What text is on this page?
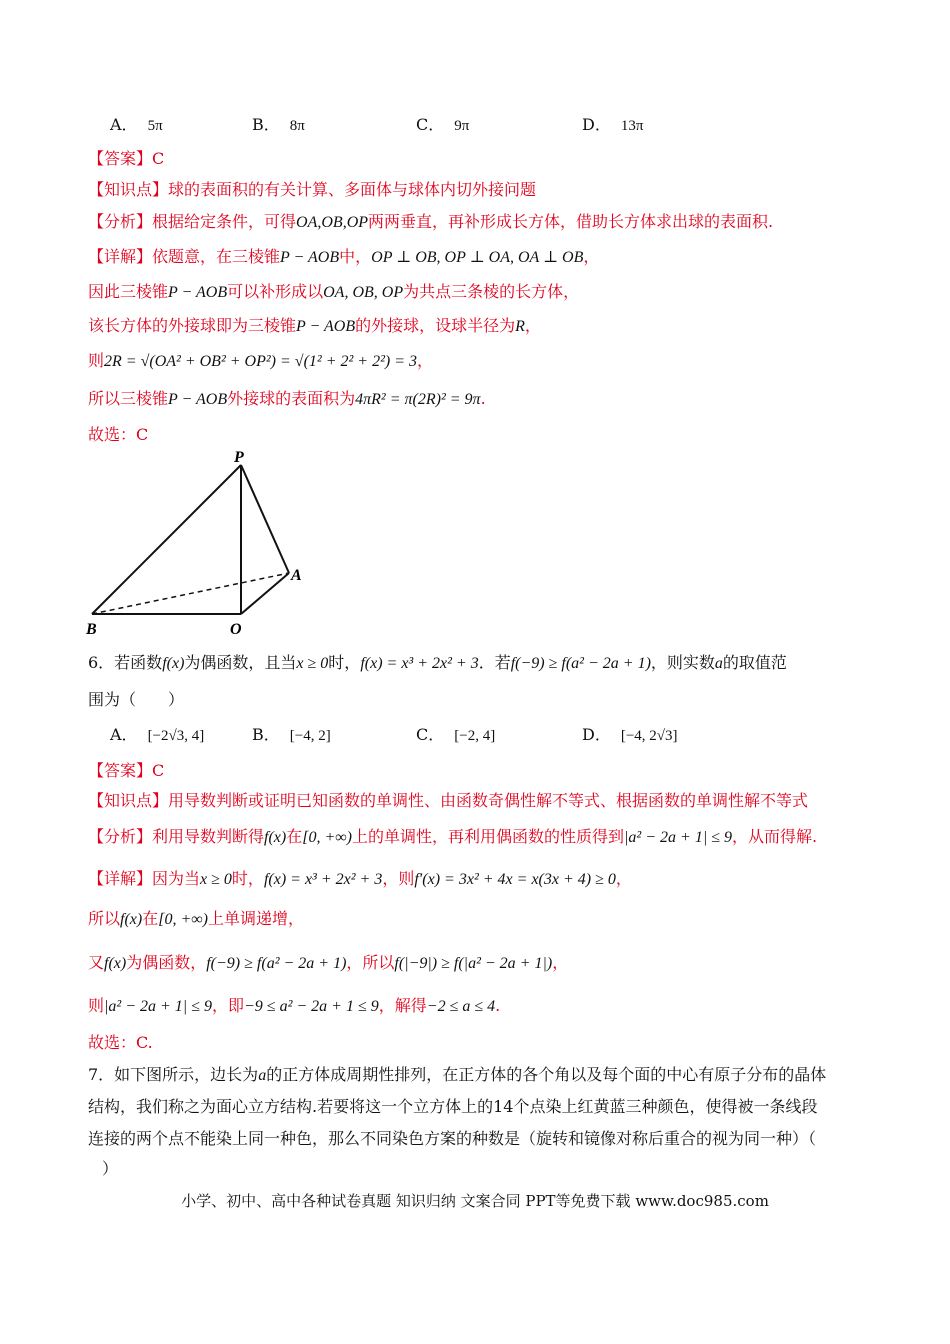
A． 5π	B． 8π	C． 9π	D． 13π
【答案】C
【知识点】球的表面积的有关计算、多面体与球体内切外接问题
【分析】根据给定条件，可得OA,OB,OP两两垂直，再补形成长方体，借助长方体求出球的表面积.
【详解】依题意，在三棱锥P − AOB中，OP ⊥ OB, OP ⊥ OA, OA ⊥ OB，
因此三棱锥P − AOB可以补形成以OA, OB, OP为共点三条棱的长方体，
该长方体的外接球即为三棱锥P − AOB的外接球，设球半径为R，
则2R = √(OA² + OB² + OP²) = √(1² + 2² + 2²) = 3，
所以三棱锥P − AOB外接球的表面积为4πR² = π(2R)² = 9π.
故选：C
P
A
B	O
6．若函数f(x)为偶函数，且当x ≥ 0时，f(x) = x³ + 2x² + 3．若f(−9) ≥ f(a² − 2a + 1)，则实数a的取值范
围为（　　）
A． [−2√3, 4]	B． [−4, 2]	C． [−2, 4]	D． [−4, 2√3]
【答案】C
【知识点】用导数判断或证明已知函数的单调性、由函数奇偶性解不等式、根据函数的单调性解不等式
【分析】利用导数判断得f(x)在[0, +∞)上的单调性，再利用偶函数的性质得到|a² − 2a + 1| ≤ 9，从而得解.
【详解】因为当x ≥ 0时，f(x) = x³ + 2x² + 3，则f′(x) = 3x² + 4x = x(3x + 4) ≥ 0，
所以f(x)在[0, +∞)上单调递增，
又f(x)为偶函数，f(−9) ≥ f(a² − 2a + 1)，所以f(|−9|) ≥ f(|a² − 2a + 1|)，
则|a² − 2a + 1| ≤ 9，即−9 ≤ a² − 2a + 1 ≤ 9，解得−2 ≤ a ≤ 4.
故选：C.
7．如下图所示，边长为a的正方体成周期性排列，在正方体的各个角以及每个面的中心有原子分布的晶体
结构，我们称之为面心立方结构.若要将这一个立方体上的14个点染上红黄蓝三种颜色，使得被一条线段
连接的两个点不能染上同一种色，那么不同染色方案的种数是（旋转和镜像对称后重合的视为同一种）（
）
小学、初中、高中各种试卷真题 知识归纳 文案合同 PPT等免费下载 www.doc985.com
